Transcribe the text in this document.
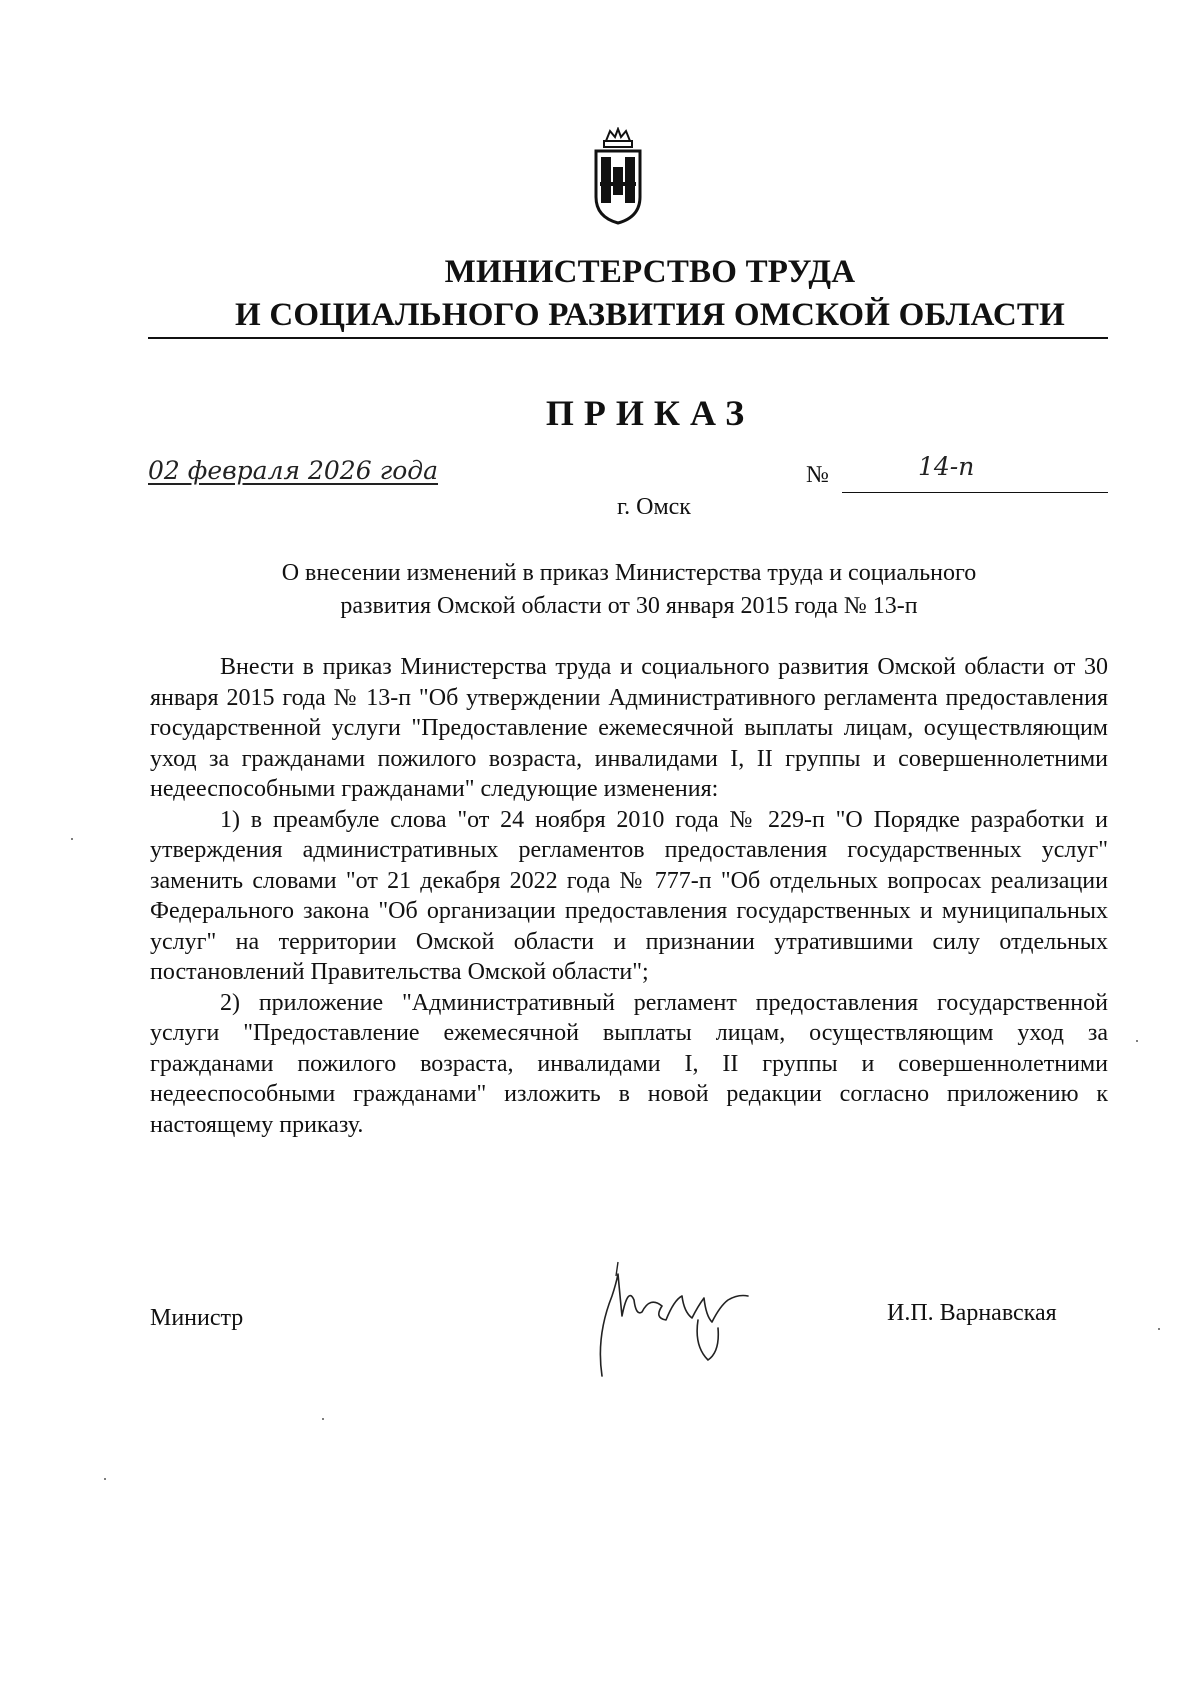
МИНИСТЕРСТВО ТРУДА
И СОЦИАЛЬНОГО РАЗВИТИЯ ОМСКОЙ ОБЛАСТИ
ПРИКАЗ
02 февраля 2026 года	№	14-п
г. Омск
О внесении изменений в приказ Министерства труда и социального
развития Омской области от 30 января 2015 года № 13-п

Внести в приказ Министерства труда и социального развития Омской области от 30 января 2015 года № 13-п "Об утверждении Административного регламента предоставления государственной услуги "Предоставление ежемесячной выплаты лицам, осуществляющим уход за гражданами пожилого возраста, инвалидами I, II группы и совершеннолетними недееспособными гражданами" следующие изменения:

1) в преамбуле слова "от 24 ноября 2010 года № 229-п "О Порядке разработки и утверждения административных регламентов предоставления государственных услуг" заменить словами "от 21 декабря 2022 года № 777-п "Об отдельных вопросах реализации Федерального закона "Об организации предоставления государственных и муниципальных услуг" на территории Омской области и признании утратившими силу отдельных постановлений Правительства Омской области";

2) приложение "Административный регламент предоставления государственной услуги "Предоставление ежемесячной выплаты лицам, осуществляющим уход за гражданами пожилого возраста, инвалидами I, II группы и совершеннолетними недееспособными гражданами" изложить в новой редакции согласно приложению к настоящему приказу.

Министр	И.П. Варнавская
